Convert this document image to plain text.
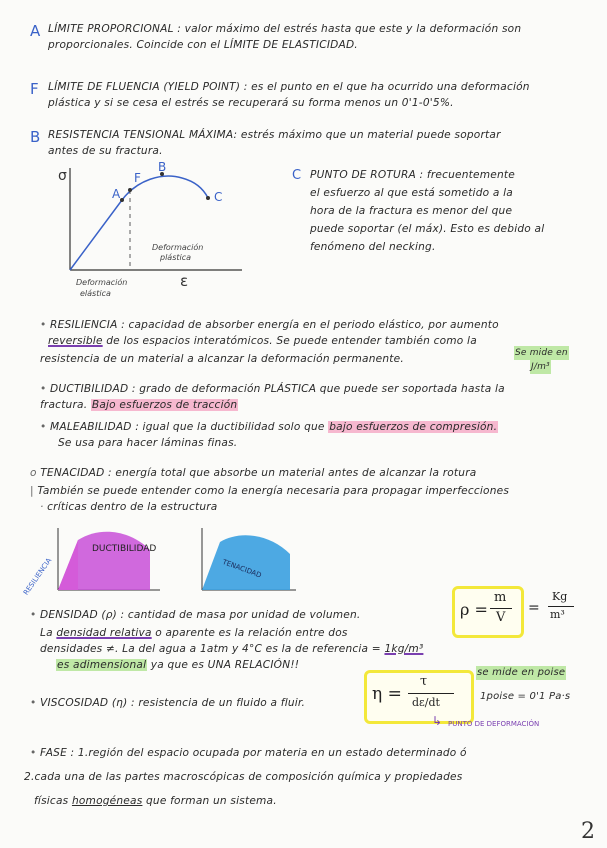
A LÍMITE PROPORCIONAL : valor máximo del estrés hasta que este y la deformación son
proporcionales. Coincide con el LÍMITE DE ELASTICIDAD.
F LÍMITE DE FLUENCIA (YIELD POINT) : es el punto en el que ha ocurrido una deformación
plástica y si se cesa el estrés se recuperará su forma menos un 0'1-0'5%.
B RESISTENCIA TENSIONAL MÁXIMA: estrés máximo que un material puede soportar
antes de su fractura.
σ
A
F
B
C
Deformación
plástica
Deformación
elástica
ε
C PUNTO DE ROTURA : frecuentemente
el esfuerzo al que está sometido a la
hora de la fractura es menor del que
puede soportar (el máx). Esto es debido al
fenómeno del necking.
• RESILIENCIA : capacidad de absorber energía en el periodo elástico, por aumento
reversible de los espacios interatómicos. Se puede entender también como la
resistencia de un material a alcanzar la deformación permanente.	Se mide en
J/m³
• DUCTIBILIDAD : grado de deformación PLÁSTICA que puede ser soportada hasta la
fractura. Bajo esfuerzos de tracción
• MALEABILIDAD : igual que la ductibilidad solo que bajo esfuerzos de compresión.
Se usa para hacer láminas finas.
o TENACIDAD : energía total que absorbe un material antes de alcanzar la rotura
| También se puede entender como la energía necesaria para propagar imperfecciones
· críticas dentro de la estructura
DUCTIBILIDAD
RESILIENCIA	TENACIDAD
• DENSIDAD (ρ) : cantidad de masa por unidad de volumen.
La densidad relativa o aparente es la relación entre dos
densidades ≠. La del agua a 1atm y 4°C es la de referencia = 1kg/m³
es adimensional ya que es UNA RELACIÓN!!
ρ =
m
V
=
Kg
m³
• VISCOSIDAD (η) : resistencia de un fluido a fluir.	η =
τ
dε/dt
se mide en poise
1poise = 0'1 Pa·s
↳ PUNTO DE DEFORMACIÓN
• FASE : 1.región del espacio ocupada por materia en un estado determinado ó
2.cada una de las partes macroscópicas de composición química y propiedades
físicas homogéneas que forman un sistema.
2
